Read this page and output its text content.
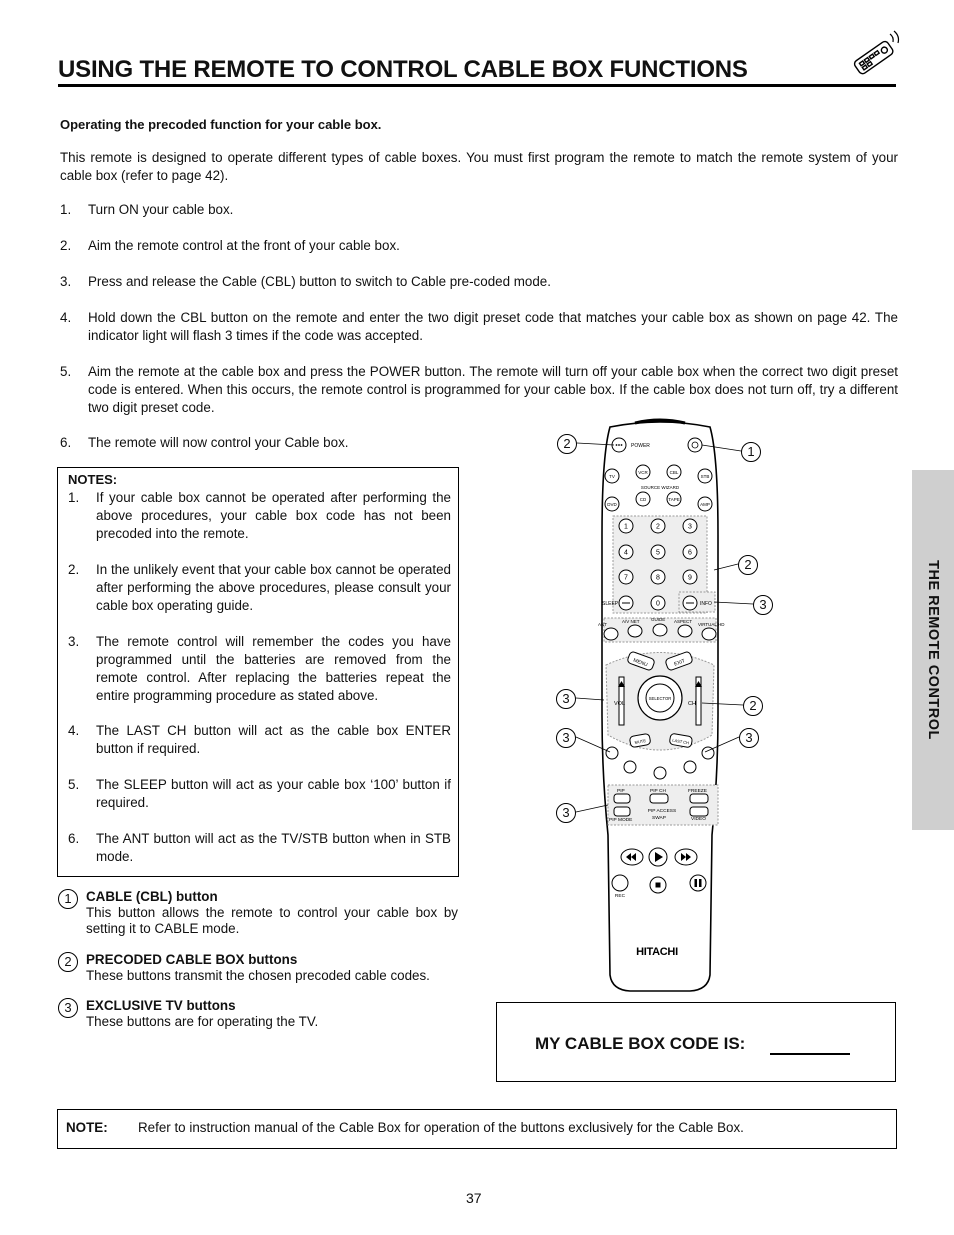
USING THE REMOTE TO CONTROL CABLE BOX FUNCTIONS
Operating the precoded function for your cable box.
This remote is designed to operate different types of cable boxes. You must first program the remote to match the remote system of your cable box (refer to page 42).
1. Turn ON your cable box.
2. Aim the remote control at the front of your cable box.
3. Press and release the Cable (CBL) button to switch to Cable pre-coded mode.
4. Hold down the CBL button on the remote and enter the two digit preset code that matches your cable box as shown on page 42. The indicator light will flash 3 times if the code was accepted.
5. Aim the remote at the cable box and press the POWER button. The remote will turn off your cable box when the correct two digit preset code is entered. When this occurs, the remote control is programmed for your cable box. If the cable box does not turn off, try a different two digit preset code.
6. The remote will now control your Cable box.
NOTES:
1. If your cable box cannot be operated after performing the above procedures, your cable box code has not been precoded into the remote.
2. In the unlikely event that your cable box cannot be operated after performing the above procedures, please consult your cable box operating guide.
3. The remote control will remember the codes you have programmed until the batteries are removed from the remote control. After replacing the batteries repeat the entire programming procedure as stated above.
4. The LAST CH button will act as the cable box ENTER button if required.
5. The SLEEP button will act as your cable box ‘100’ button if required.
6. The ANT button will act as the TV/STB button when in STB mode.
1	CABLE (CBL) button
This button allows the remote to control your cable box by setting it to CABLE mode.
2	PRECODED CABLE BOX buttons
These buttons transmit the chosen precoded cable codes.
3	EXCLUSIVE TV buttons
These buttons are for operating the TV.
THE REMOTE CONTROL
POWER
TV
VCR	CBL
STB
SOURCE WIZARD
DVD
CD	TAPE
AMP
1	2	3
4	5	6
7	8	9
0
SLEEP	INFO
ANT
A/V NET	GUIDE ASPECT
VIRTUAL HD
MENU	EXIT
SELECTOR
VOL	CH
MUTE	LAST CH
PIP	PIP CH	FREEZE
PIP ACCESS
PIP MODE	SWAP	VIDEO
REC
HITACHI
2
1
2
3
3	2
3	3
3
MY CABLE BOX CODE IS:
NOTE: Refer to instruction manual of the Cable Box for operation of the buttons exclusively for the Cable Box.
37
